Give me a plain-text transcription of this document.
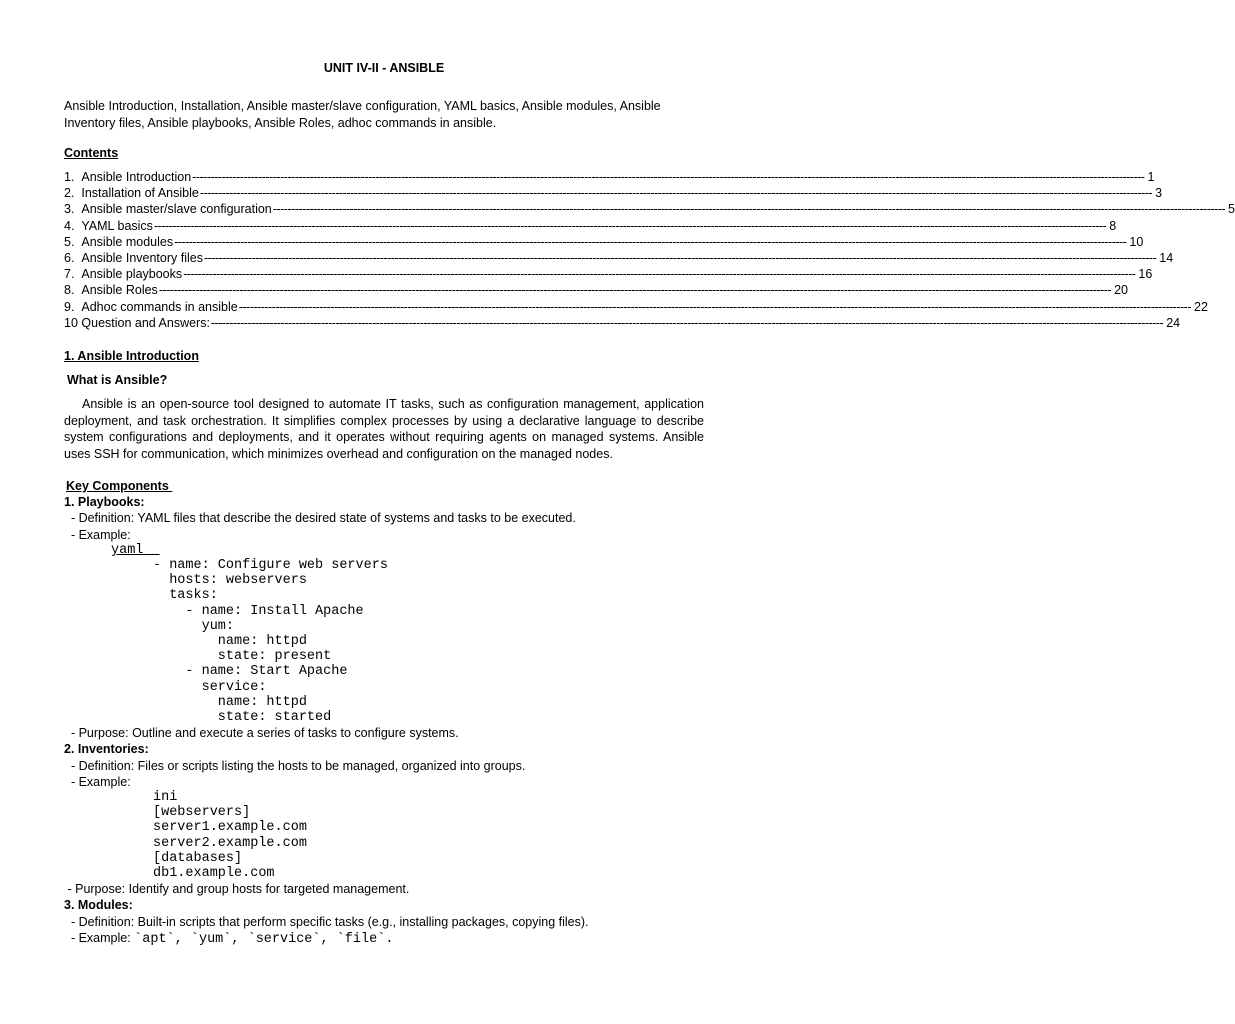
UNIT IV-II - ANSIBLE
Ansible Introduction, Installation, Ansible master/slave configuration, YAML basics, Ansible modules, Ansible Inventory files, Ansible playbooks, Ansible Roles, adhoc commands in ansible.
Contents
1. Ansible Introduction -------------------------------------------------------------------------------------------------------------------------------------------------------------------------------------------------------------------------------------------------------------------- 1
2. Installation of Ansible -------------------------------------------------------------------------------------------------------------------------------------------------------------------------------------------------------------------------------------------------------------------- 3
3. Ansible master/slave configuration -------------------------------------------------------------------------------------------------------------------------------------------------------------------------------------------------------------------------------------------------------------------- 5
4. YAML basics -------------------------------------------------------------------------------------------------------------------------------------------------------------------------------------------------------------------------------------------------------------------- 8
5. Ansible modules -------------------------------------------------------------------------------------------------------------------------------------------------------------------------------------------------------------------------------------------------------------------- 10
6. Ansible Inventory files -------------------------------------------------------------------------------------------------------------------------------------------------------------------------------------------------------------------------------------------------------------------- 14
7. Ansible playbooks -------------------------------------------------------------------------------------------------------------------------------------------------------------------------------------------------------------------------------------------------------------------- 16
8. Ansible Roles -------------------------------------------------------------------------------------------------------------------------------------------------------------------------------------------------------------------------------------------------------------------- 20
9. Adhoc commands in ansible -------------------------------------------------------------------------------------------------------------------------------------------------------------------------------------------------------------------------------------------------------------------- 22
10 Question and Answers: -------------------------------------------------------------------------------------------------------------------------------------------------------------------------------------------------------------------------------------------------------------------- 24
1. Ansible Introduction
What is Ansible?
Ansible is an open-source tool designed to automate IT tasks, such as configuration management, application deployment, and task orchestration. It simplifies complex processes by using a declarative language to describe system configurations and deployments, and it operates without requiring agents on managed systems. Ansible uses SSH for communication, which minimizes overhead and configuration on the managed nodes.
Key Components
1. Playbooks:
- Definition: YAML files that describe the desired state of systems and tasks to be executed.
- Example:
yaml
- name: Configure web servers
hosts: webservers
tasks:
- name: Install Apache
yum:
name: httpd
state: present
- name: Start Apache
service:
name: httpd
state: started
- Purpose: Outline and execute a series of tasks to configure systems.
2. Inventories:
- Definition: Files or scripts listing the hosts to be managed, organized into groups.
- Example:
ini
[webservers]
server1.example.com
server2.example.com
[databases]
db1.example.com
- Purpose: Identify and group hosts for targeted management.
3. Modules:
- Definition: Built-in scripts that perform specific tasks (e.g., installing packages, copying files).
- Example: `apt`, `yum`, `service`, `file`.
